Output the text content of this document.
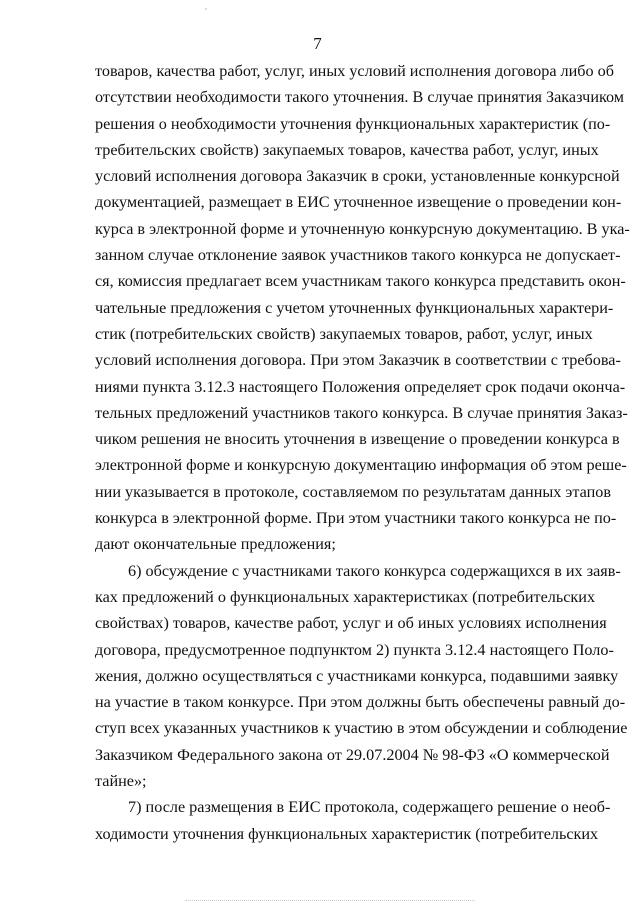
7

товаров, качества работ, услуг, иных условий исполнения договора либо об
отсутствии необходимости такого уточнения. В случае принятия Заказчиком
решения о необходимости уточнения функциональных характеристик (по-
требительских свойств) закупаемых товаров, качества работ, услуг, иных
условий исполнения договора Заказчик в сроки, установленные конкурсной
документацией, размещает в ЕИС уточненное извещение о проведении кон-
курса в электронной форме и уточненную конкурсную документацию. В ука-
занном случае отклонение заявок участников такого конкурса не допускает-
ся, комиссия предлагает всем участникам такого конкурса представить окон-
чательные предложения с учетом уточненных функциональных характери-
стик (потребительских свойств) закупаемых товаров, работ, услуг, иных
условий исполнения договора. При этом Заказчик в соответствии с требова-
ниями пункта 3.12.3 настоящего Положения определяет срок подачи оконча-
тельных предложений участников такого конкурса. В случае принятия Заказ-
чиком решения не вносить уточнения в извещение о проведении конкурса в
электронной форме и конкурсную документацию информация об этом реше-
нии указывается в протоколе, составляемом по результатам данных этапов
конкурса в электронной форме. При этом участники такого конкурса не по-
дают окончательные предложения;

6) обсуждение с участниками такого конкурса содержащихся в их заяв-
ках предложений о функциональных характеристиках (потребительских
свойствах) товаров, качестве работ, услуг и об иных условиях исполнения
договора, предусмотренное подпунктом 2) пункта 3.12.4 настоящего Поло-
жения, должно осуществляться с участниками конкурса, подавшими заявку
на участие в таком конкурсе. При этом должны быть обеспечены равный до-
ступ всех указанных участников к участию в этом обсуждении и соблюдение
Заказчиком Федерального закона от 29.07.2004 № 98-ФЗ «О коммерческой
тайне»;

7) после размещения в ЕИС протокола, содержащего решение о необ-
ходимости уточнения функциональных характеристик (потребительских
